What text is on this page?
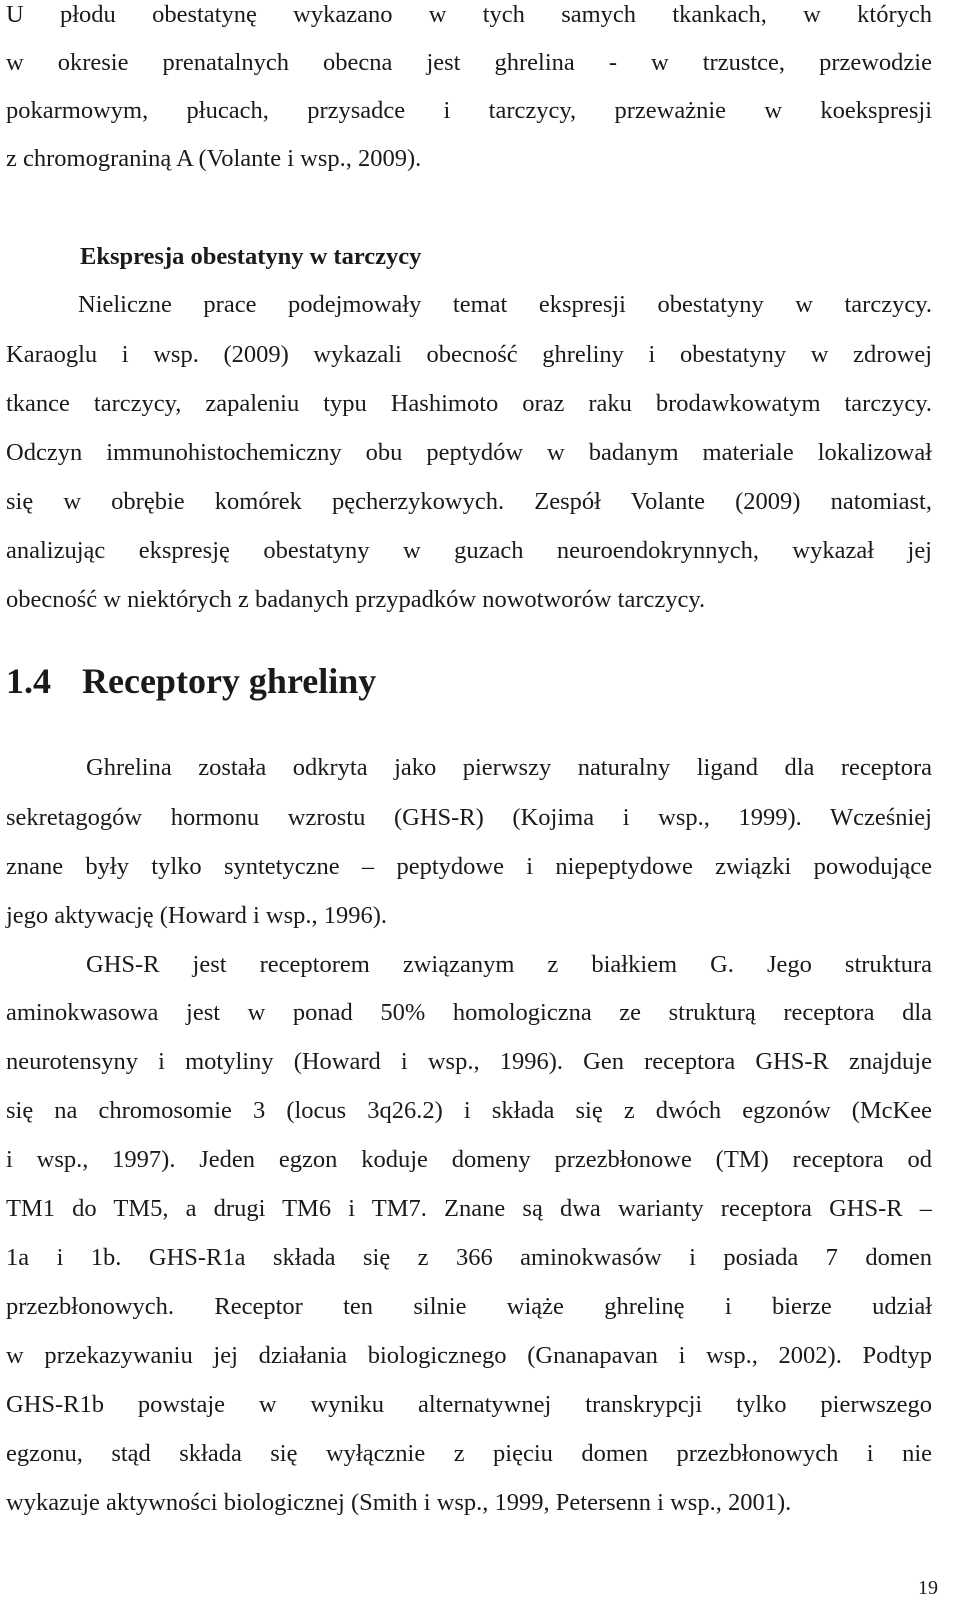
U płodu obestatynę wykazano w tych samych tkankach, w których
w okresie prenatalnych obecna jest ghrelina - w trzustce, przewodzie
pokarmowym, płucach, przysadce i tarczycy, przeważnie w koekspresji
z chromograniną A (Volante i wsp., 2009).
Ekspresja obestatyny w tarczycy
Nieliczne prace podejmowały temat ekspresji obestatyny w tarczycy.
Karaoglu i wsp. (2009) wykazali obecność ghreliny i obestatyny w zdrowej
tkance tarczycy, zapaleniu typu Hashimoto oraz raku brodawkowatym tarczycy.
Odczyn immunohistochemiczny obu peptydów w badanym materiale lokalizował
się w obrębie komórek pęcherzykowych. Zespół Volante (2009) natomiast,
analizując ekspresję obestatyny w guzach neuroendokrynnych, wykazał jej
obecność w niektórych z badanych przypadków nowotworów tarczycy.
1.4 Receptory ghreliny
Ghrelina została odkryta jako pierwszy naturalny ligand dla receptora
sekretagogów hormonu wzrostu (GHS-R) (Kojima i wsp., 1999). Wcześniej
znane były tylko syntetyczne – peptydowe i niepeptydowe związki powodujące
jego aktywację (Howard i wsp., 1996).
GHS-R jest receptorem związanym z białkiem G. Jego struktura
aminokwasowa jest w ponad 50% homologiczna ze strukturą receptora dla
neurotensyny i motyliny (Howard i wsp., 1996). Gen receptora GHS-R znajduje
się na chromosomie 3 (locus 3q26.2) i składa się z dwóch egzonów (McKee
i wsp., 1997). Jeden egzon koduje domeny przezbłonowe (TM) receptora od
TM1 do TM5, a drugi TM6 i TM7. Znane są dwa warianty receptora GHS-R –
1a i 1b. GHS-R1a składa się z 366 aminokwasów i posiada 7 domen
przezbłonowych. Receptor ten silnie wiąże ghrelinę i bierze udział
w przekazywaniu jej działania biologicznego (Gnanapavan i wsp., 2002). Podtyp
GHS-R1b powstaje w wyniku alternatywnej transkrypcji tylko pierwszego
egzonu, stąd składa się wyłącznie z pięciu domen przezbłonowych i nie
wykazuje aktywności biologicznej (Smith i wsp., 1999, Petersenn i wsp., 2001).
19
